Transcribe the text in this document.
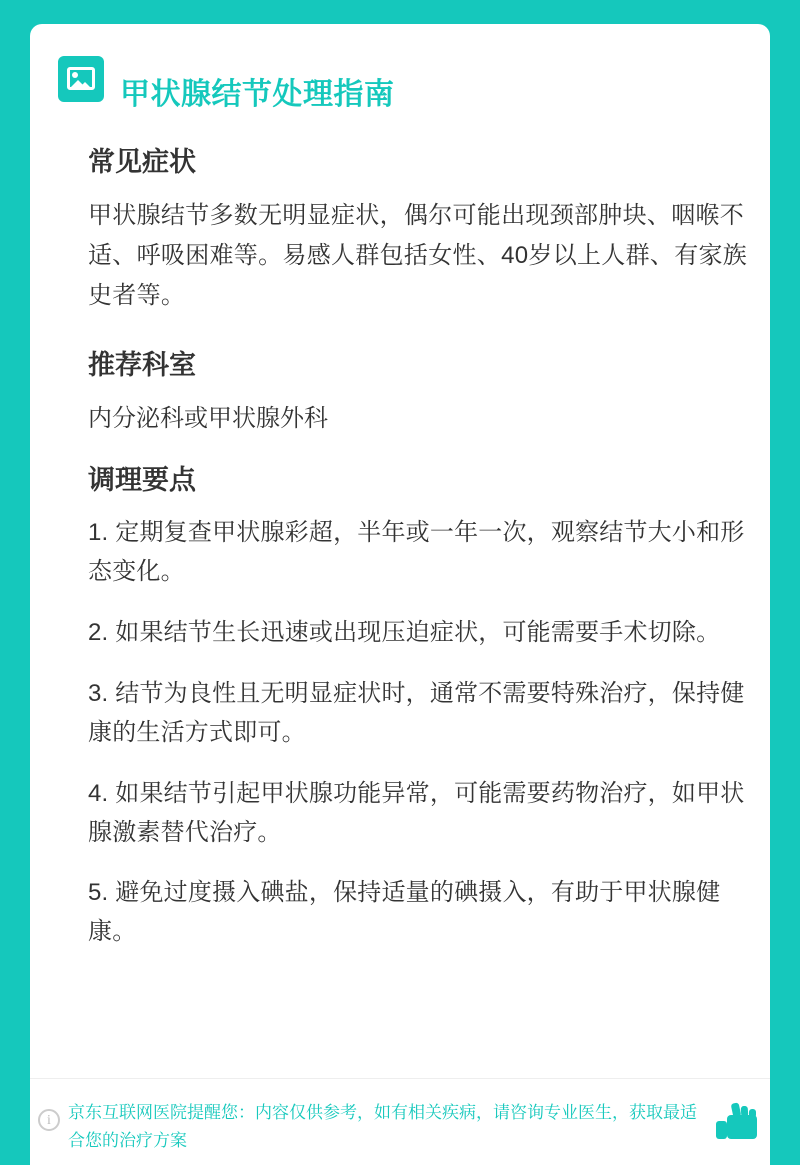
甲状腺结节处理指南
常见症状

甲状腺结节多数无明显症状，偶尔可能出现颈部肿块、咽喉不适、呼吸困难等。易感人群包括女性、40岁以上人群、有家族史者等。

推荐科室

内分泌科或甲状腺外科

调理要点

1. 定期复查甲状腺彩超，半年或一年一次，观察结节大小和形态变化。

2. 如果结节生长迅速或出现压迫症状，可能需要手术切除。

3. 结节为良性且无明显症状时，通常不需要特殊治疗，保持健康的生活方式即可。

4. 如果结节引起甲状腺功能异常，可能需要药物治疗，如甲状腺激素替代治疗。

5. 避免过度摄入碘盐，保持适量的碘摄入，有助于甲状腺健康。

i	京东互联网医院提醒您：内容仅供参考，如有相关疾病，请咨询专业医生，获取最适合您的治疗方案
